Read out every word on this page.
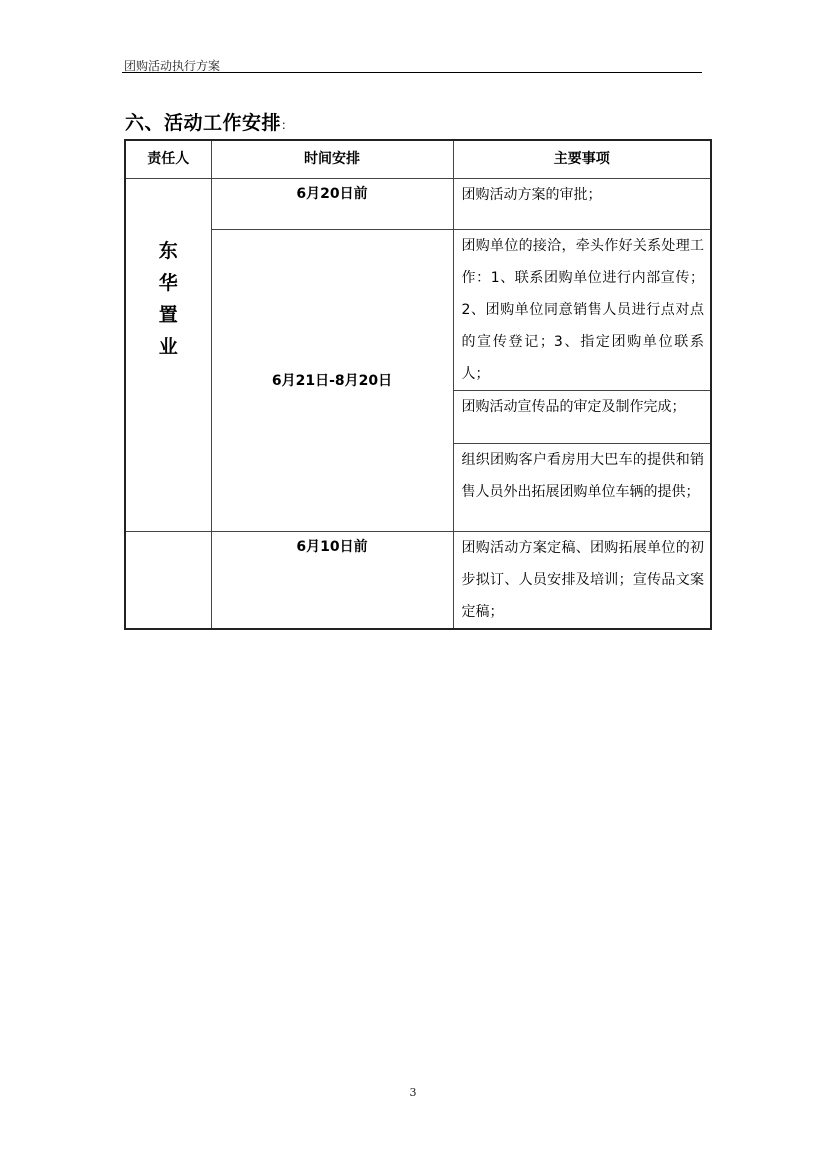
团购活动执行方案
六、活动工作安排：
责任人	时间安排	主要事项

东华置业	6月20日前	团购活动方案的审批；
	6月21日-8月20日	团购单位的接洽，牵头作好关系处理工作：1、联系团购单位进行内部宣传；2、团购单位同意销售人员进行点对点的宣传登记；3、指定团购单位联系人；
		团购活动宣传品的审定及制作完成；
		组织团购客户看房用大巴车的提供和销售人员外出拓展团购单位车辆的提供；
	6月10日前	团购活动方案定稿、团购拓展单位的初步拟订、人员安排及培训；宣传品文案定稿；
3
